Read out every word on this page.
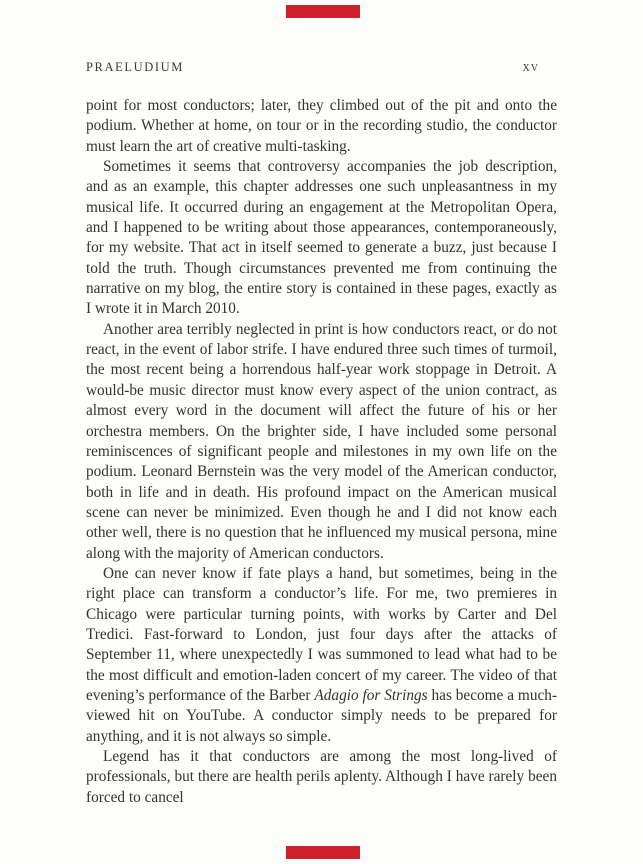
PRAELUDIUM	xv

point for most conductors; later, they climbed out of the pit and onto the podium. Whether at home, on tour or in the recording studio, the conductor must learn the art of creative multi-tasking.

Sometimes it seems that controversy accompanies the job description, and as an example, this chapter addresses one such unpleasantness in my musical life. It occurred during an engagement at the Metropolitan Opera, and I happened to be writing about those appearances, contemporaneously, for my website. That act in itself seemed to generate a buzz, just because I told the truth. Though circumstances prevented me from continuing the narrative on my blog, the entire story is contained in these pages, exactly as I wrote it in March 2010.

Another area terribly neglected in print is how conductors react, or do not react, in the event of labor strife. I have endured three such times of turmoil, the most recent being a horrendous half-year work stoppage in Detroit. A would-be music director must know every aspect of the union contract, as almost every word in the document will affect the future of his or her orchestra members. On the brighter side, I have included some personal reminiscences of significant people and milestones in my own life on the podium. Leonard Bernstein was the very model of the American conductor, both in life and in death. His profound impact on the American musical scene can never be minimized. Even though he and I did not know each other well, there is no question that he influenced my musical persona, mine along with the majority of American conductors.

One can never know if fate plays a hand, but sometimes, being in the right place can transform a conductor’s life. For me, two premieres in Chicago were particular turning points, with works by Carter and Del Tredici. Fast-forward to London, just four days after the attacks of September 11, where unexpectedly I was summoned to lead what had to be the most difficult and emotion-laden concert of my career. The video of that evening’s performance of the Barber Adagio for Strings has become a much-viewed hit on YouTube. A conductor simply needs to be prepared for anything, and it is not always so simple.

Legend has it that conductors are among the most long-lived of professionals, but there are health perils aplenty. Although I have rarely been forced to cancel
